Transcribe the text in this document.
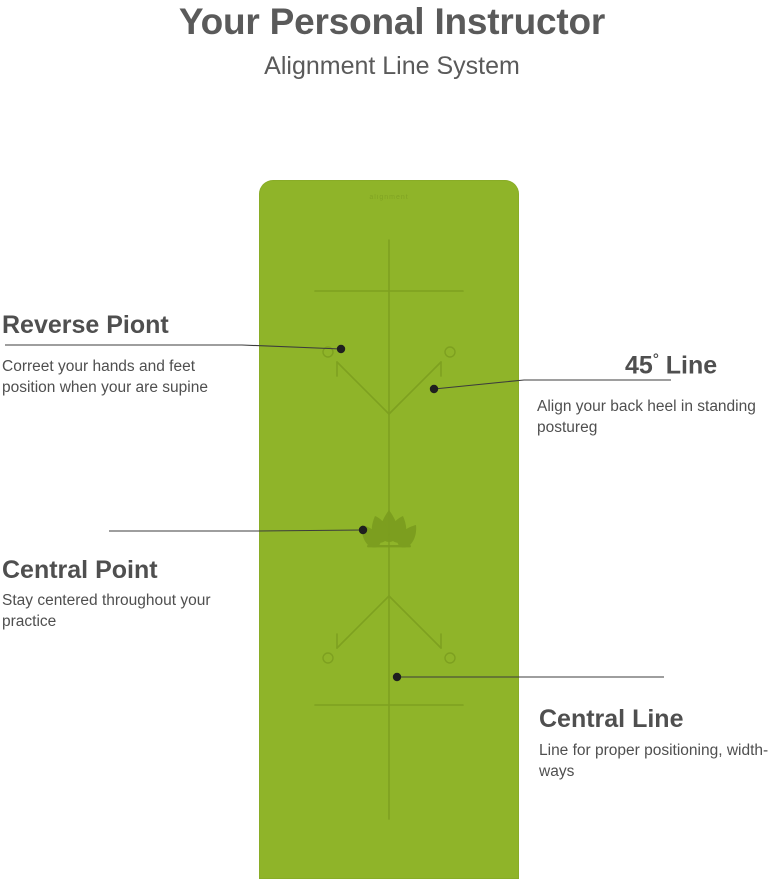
Your Personal Instructor
Alignment Line System
alignment
Reverse Piont
Correet your hands and feet position when your are supine
45° Line
Align your back heel in standing postureg
Central Point
Stay centered throughout your practice
Central Line
Line for proper positioning, width-ways
